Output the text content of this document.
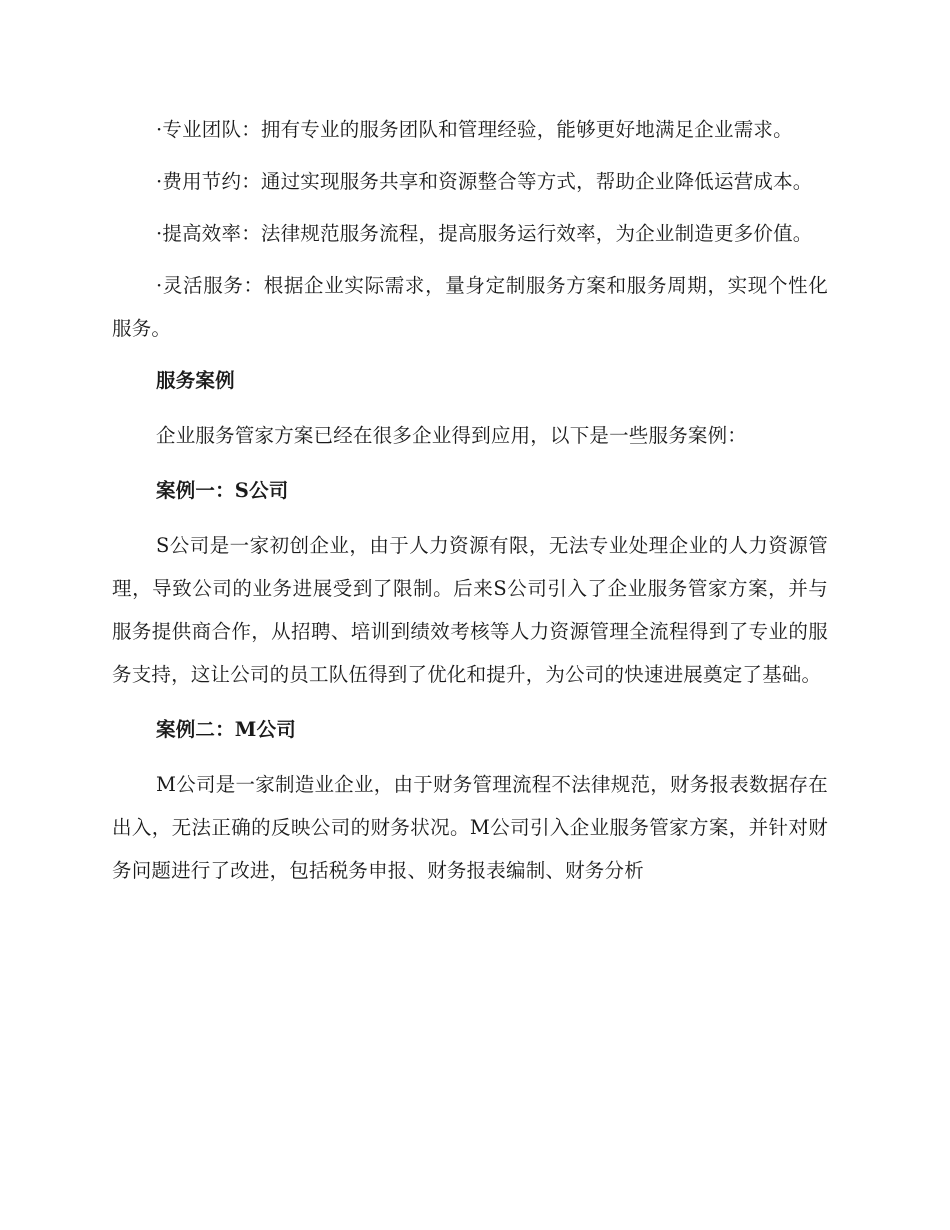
·专业团队：拥有专业的服务团队和管理经验，能够更好地满足企业需求。

·费用节约：通过实现服务共享和资源整合等方式，帮助企业降低运营成本。

·提高效率：法律规范服务流程，提高服务运行效率，为企业制造更多价值。

·灵活服务：根据企业实际需求，量身定制服务方案和服务周期，实现个性化服务。

服务案例

企业服务管家方案已经在很多企业得到应用，以下是一些服务案例：

案例一：S公司

S公司是一家初创企业，由于人力资源有限，无法专业处理企业的人力资源管理，导致公司的业务进展受到了限制。后来S公司引入了企业服务管家方案，并与服务提供商合作，从招聘、培训到绩效考核等人力资源管理全流程得到了专业的服务支持，这让公司的员工队伍得到了优化和提升，为公司的快速进展奠定了基础。

案例二：M公司

M公司是一家制造业企业，由于财务管理流程不法律规范，财务报表数据存在出入，无法正确的反映公司的财务状况。M公司引入企业服务管家方案，并针对财务问题进行了改进，包括税务申报、财务报表编制、财务分析
